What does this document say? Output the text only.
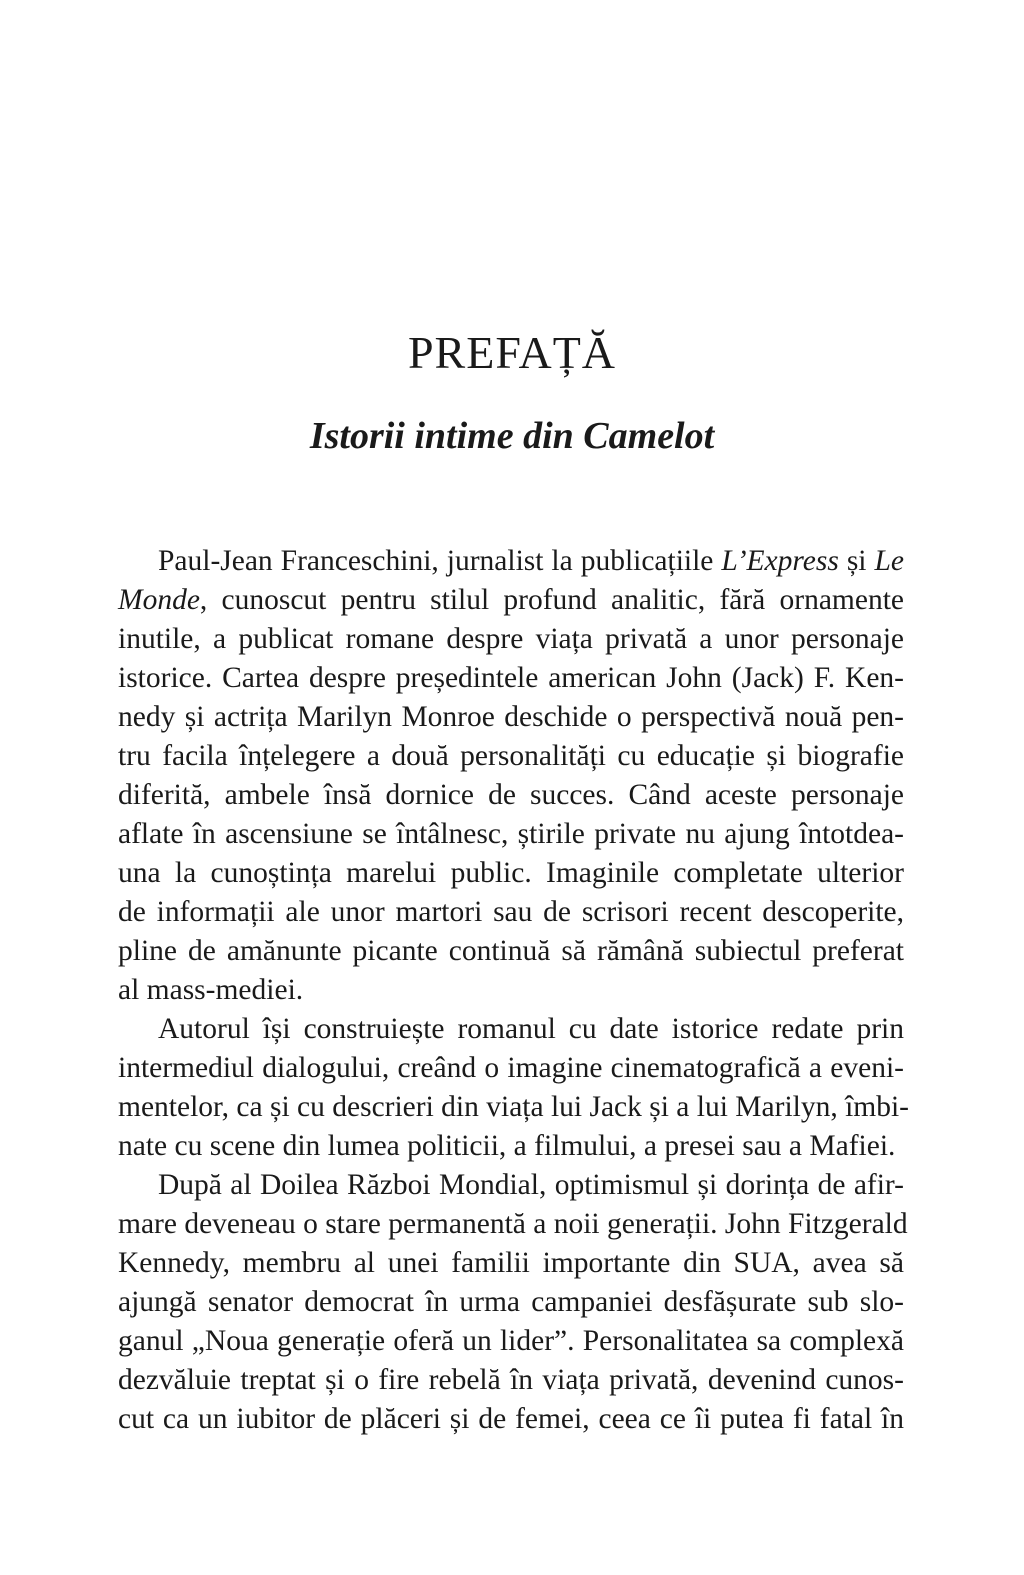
PREFAȚĂ
Istorii intime din Camelot
Paul-Jean Franceschini, jurnalist la publicațiile L’Express și Le
Monde, cunoscut pentru stilul profund analitic, fără ornamente
inutile, a publicat romane despre viața privată a unor personaje
istorice. Cartea despre președintele american John (Jack) F. Ken-
nedy și actrița Marilyn Monroe deschide o perspectivă nouă pen-
tru facila înțelegere a două personalități cu educație și biografie
diferită, ambele însă dornice de succes. Când aceste personaje
aflate în ascensiune se întâlnesc, știrile private nu ajung întotdea-
una la cunoștința marelui public. Imaginile completate ulterior
de informații ale unor martori sau de scrisori recent descoperite,
pline de amănunte picante continuă să rămână subiectul preferat
al mass-mediei.
Autorul își construiește romanul cu date istorice redate prin
intermediul dialogului, creând o imagine cinematografică a eveni-
mentelor, ca și cu descrieri din viața lui Jack și a lui Marilyn, îmbi-
nate cu scene din lumea politicii, a filmului, a presei sau a Mafiei.
După al Doilea Război Mondial, optimismul și dorința de afir-
mare deveneau o stare permanentă a noii generații. John Fitzgerald
Kennedy, membru al unei familii importante din SUA, avea să
ajungă senator democrat în urma campaniei desfășurate sub slo-
ganul „Noua generație oferă un lider”. Personalitatea sa complexă
dezvăluie treptat și o fire rebelă în viața privată, devenind cunos-
cut ca un iubitor de plăceri și de femei, ceea ce îi putea fi fatal în
